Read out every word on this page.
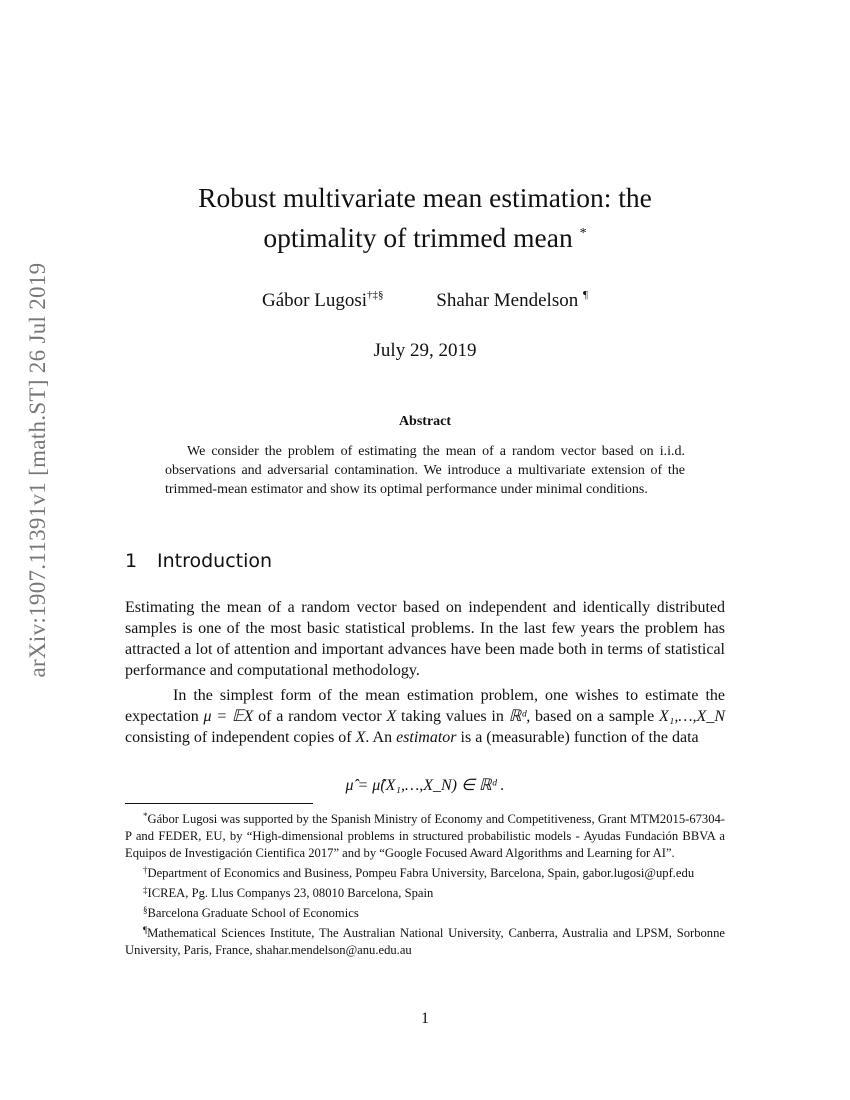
arXiv:1907.11391v1 [math.ST] 26 Jul 2019
Robust multivariate mean estimation: the
optimality of trimmed mean *
Gábor Lugosi†‡§	Shahar Mendelson ¶
July 29, 2019
Abstract
We consider the problem of estimating the mean of a random vector based on i.i.d. observations and adversarial contamination. We introduce a multivariate extension of the trimmed-mean estimator and show its optimal performance under minimal conditions.
1 Introduction
Estimating the mean of a random vector based on independent and identically distributed samples is one of the most basic statistical problems. In the last few years the problem has attracted a lot of attention and important advances have been made both in terms of statistical performance and computational methodology.
In the simplest form of the mean estimation problem, one wishes to estimate the expectation μ = 𝔼X of a random vector X taking values in ℝᵈ, based on a sample X₁,…,X_N consisting of independent copies of X. An estimator is a (measurable) function of the data
μ̂ = μ̂(X₁,…,X_N) ∈ ℝᵈ .

*Gábor Lugosi was supported by the Spanish Ministry of Economy and Competitiveness, Grant MTM2015-67304-P and FEDER, EU, by “High-dimensional problems in structured probabilistic models - Ayudas Fundación BBVA a Equipos de Investigación Cientifica 2017” and by “Google Focused Award Algorithms and Learning for AI”.

†Department of Economics and Business, Pompeu Fabra University, Barcelona, Spain, gabor.lugosi@upf.edu

‡ICREA, Pg. Llus Companys 23, 08010 Barcelona, Spain

§Barcelona Graduate School of Economics

¶Mathematical Sciences Institute, The Australian National University, Canberra, Australia and LPSM, Sorbonne University, Paris, France, shahar.mendelson@anu.edu.au

1
